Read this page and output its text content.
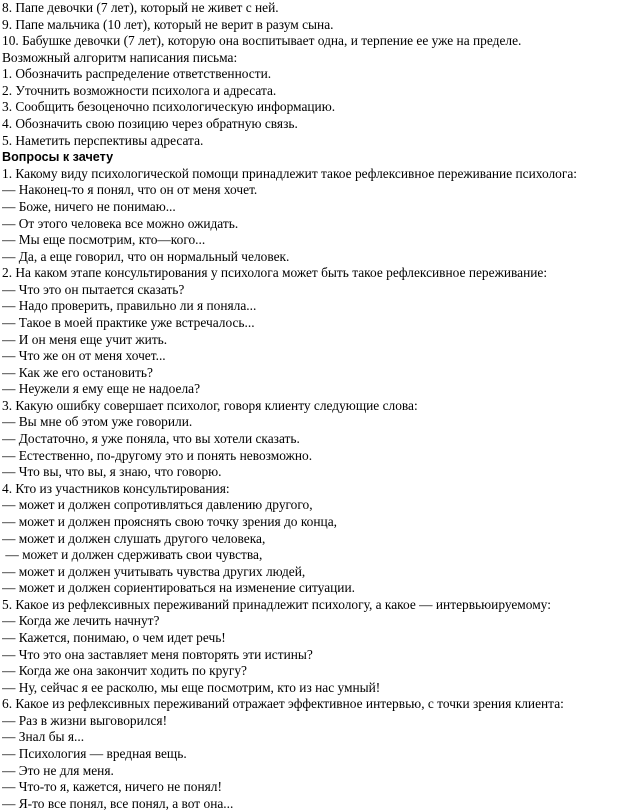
8. Папе девочки (7 лет), который не живет с ней.
9. Папе мальчика (10 лет), который не верит в разум сына.
10. Бабушке девочки (7 лет), которую она воспитывает одна, и терпение ее уже на пределе.
Возможный алгоритм написания письма:
1. Обозначить распределение ответственности.
2. Уточнить возможности психолога и адресата.
3. Сообщить безоценочно психологическую информацию.
4. Обозначить свою позицию через обратную связь.
5. Наметить перспективы адресата.
Вопросы к зачету
1. Какому виду психологической помощи принадлежит такое рефлексивное переживание психолога:
— Наконец-то я понял, что он от меня хочет.
— Боже, ничего не понимаю...
— От этого человека все можно ожидать.
— Мы еще посмотрим, кто—кого...
— Да, а еще говорил, что он нормальный человек.
2. На каком этапе консультирования у психолога может быть такое рефлексивное переживание:
— Что это он пытается сказать?
— Надо проверить, правильно ли я поняла...
— Такое в моей практике уже встречалось...
— И он меня еще учит жить.
— Что же он от меня хочет...
— Как же его остановить?
— Неужели я ему еще не надоела?
3. Какую ошибку совершает психолог, говоря клиенту следующие слова:
— Вы мне об этом уже говорили.
— Достаточно, я уже поняла, что вы хотели сказать.
— Естественно, по-другому это и понять невозможно.
— Что вы, что вы, я знаю, что говорю.
4. Кто из участников консультирования:
— может и должен сопротивляться давлению другого,
— может и должен прояснять свою точку зрения до конца,
— может и должен слушать другого человека,
— может и должен сдерживать свои чувства,
— может и должен учитывать чувства других людей,
— может и должен сориентироваться на изменение ситуации.
5. Какое из рефлексивных переживаний принадлежит психологу, а какое — интервьюируемому:
— Когда же лечить начнут?
— Кажется, понимаю, о чем идет речь!
— Что это она заставляет меня повторять эти истины?
— Когда же она закончит ходить по кругу?
— Ну, сейчас я ее расколю, мы еще посмотрим, кто из нас умный!
6. Какое из рефлексивных переживаний отражает эффективное интервью, с точки зрения клиента:
— Раз в жизни выговорился!
— Знал бы я...
— Психология — вредная вещь.
— Это не для меня.
— Что-то я, кажется, ничего не понял!
— Я-то все понял, все понял, а вот она...
